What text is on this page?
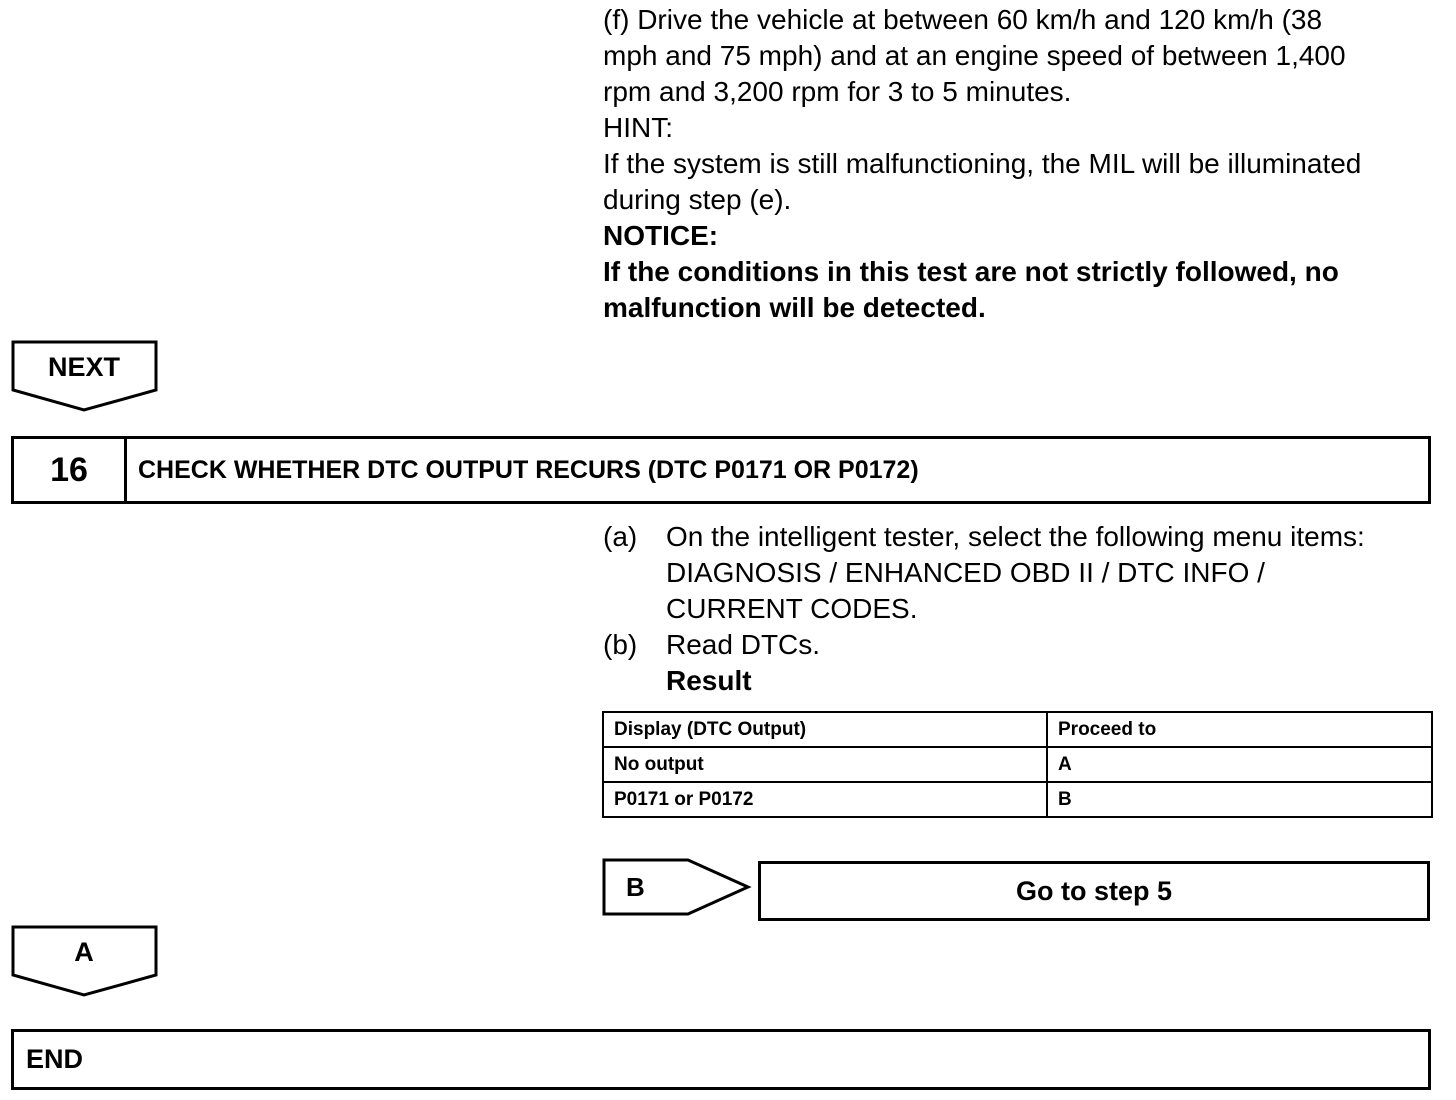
(f) Drive the vehicle at between 60 km/h and 120 km/h (38
mph and 75 mph) and at an engine speed of between 1,400
rpm and 3,200 rpm for 3 to 5 minutes.
HINT:
If the system is still malfunctioning, the MIL will be illuminated
during step (e).
NOTICE:
If the conditions in this test are not strictly followed, no
malfunction will be detected.
NEXT
16	CHECK WHETHER DTC OUTPUT RECURS (DTC P0171 OR P0172)
(a) On the intelligent tester, select the following menu items:
DIAGNOSIS / ENHANCED OBD II / DTC INFO /
CURRENT CODES.
(b) Read DTCs.
Result
Display (DTC Output)	Proceed to
No output	A
P0171 or P0172	B
B	Go to step 5
A
END
